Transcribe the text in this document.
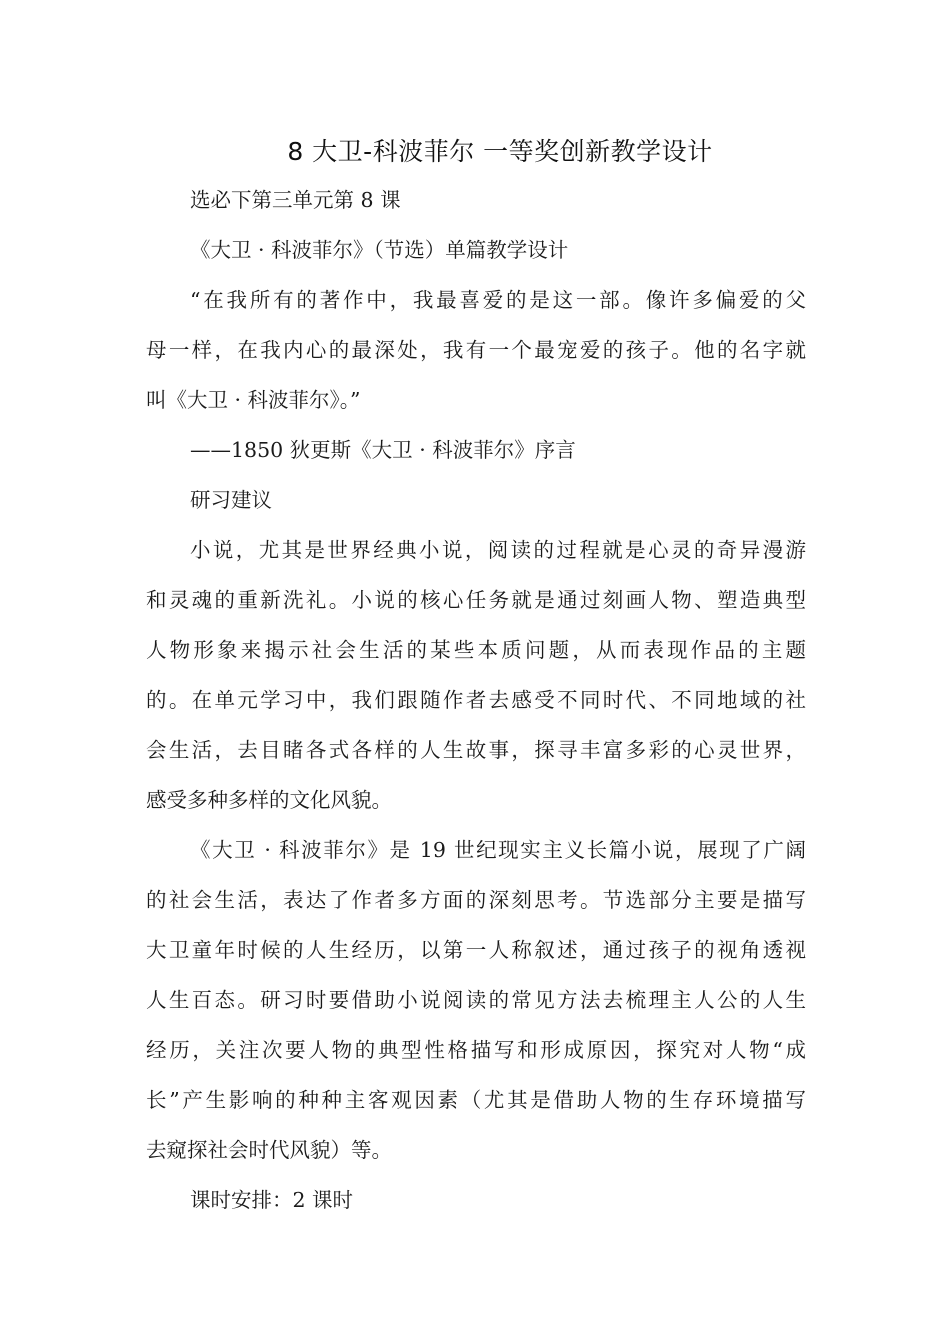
8 大卫-科波菲尔 一等奖创新教学设计
选必下第三单元第 8 课
《大卫 · 科波菲尔》（节选）单篇教学设计
“在我所有的著作中，我最喜爱的是这一部。像许多偏爱的父
母一样，在我内心的最深处，我有一个最宠爱的孩子。他的名字就
叫《大卫 · 科波菲尔》。”
——1850 狄更斯《大卫 · 科波菲尔》序言
研习建议
小说，尤其是世界经典小说，阅读的过程就是心灵的奇异漫游
和灵魂的重新洗礼。小说的核心任务就是通过刻画人物、塑造典型
人物形象来揭示社会生活的某些本质问题，从而表现作品的主题
的。在单元学习中，我们跟随作者去感受不同时代、不同地域的社
会生活，去目睹各式各样的人生故事，探寻丰富多彩的心灵世界，
感受多种多样的文化风貌。
《大卫 · 科波菲尔》是 19 世纪现实主义长篇小说，展现了广阔
的社会生活，表达了作者多方面的深刻思考。节选部分主要是描写
大卫童年时候的人生经历，以第一人称叙述，通过孩子的视角透视
人生百态。研习时要借助小说阅读的常见方法去梳理主人公的人生
经历，关注次要人物的典型性格描写和形成原因，探究对人物“成
长”产生影响的种种主客观因素（尤其是借助人物的生存环境描写
去窥探社会时代风貌）等。
课时安排：2 课时
